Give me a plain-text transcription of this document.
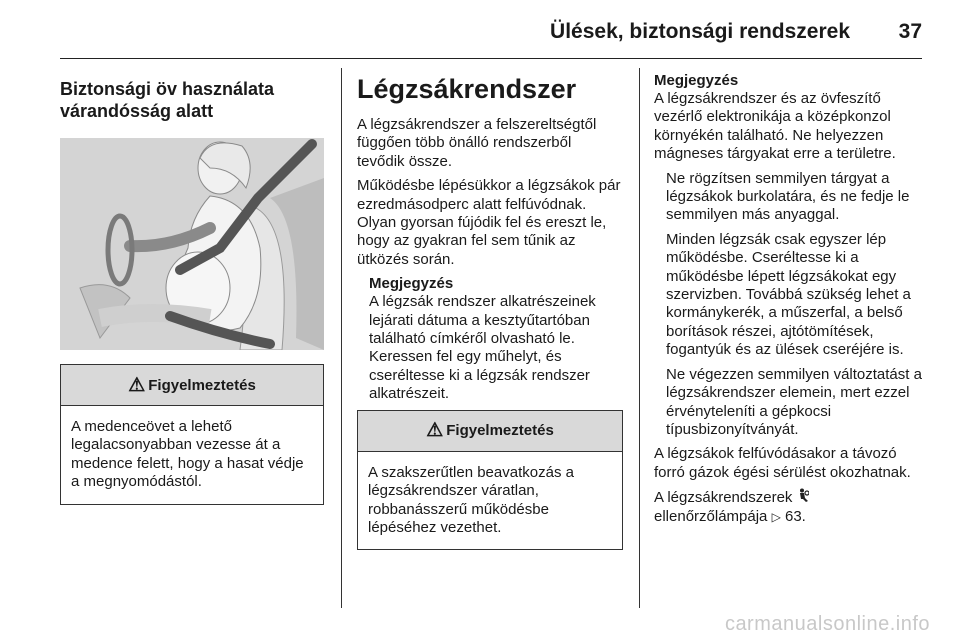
Ülések, biztonsági rendszerek 37
Biztonsági öv használata várandósság alatt
⚠ Figyelmeztetés
A medenceövet a lehető legalacsonyabban vezesse át a medence felett, hogy a hasat védje a megnyomódástól.
Légzsákrendszer

A légzsákrendszer a felszereltségtől függően több önálló rendszerből tevődik össze.

Működésbe lépésükkor a légzsákok pár ezredmásodperc alatt felfúvódnak. Olyan gyorsan fújódik fel és ereszt le, hogy az gyakran fel sem tűnik az ütközés során.

Megjegyzés

A légzsák rendszer alkatrészeinek lejárati dátuma a kesztyűtartóban található címkéről olvasható le. Keressen fel egy műhelyt, és cseréltesse ki a légzsák rendszer alkatrészeit.

⚠ Figyelmeztetés
A szakszerűtlen beavatkozás a légzsákrendszer váratlan, robbanásszerű működésbe lépéséhez vezethet.
Megjegyzés

A légzsákrendszer és az övfeszítő vezérlő elektronikája a középkonzol környékén található. Ne helyezzen mágneses tárgyakat erre a területre.

Ne rögzítsen semmilyen tárgyat a légzsákok burkolatára, és ne fedje le semmilyen más anyaggal.

Minden légzsák csak egyszer lép működésbe. Cseréltesse ki a működésbe lépett légzsákokat egy szervizben. Továbbá szükség lehet a kormánykerék, a műszerfal, a belső borítások részei, ajtótömítések, fogantyúk és az ülések cseréjére is.

Ne végezzen semmilyen változtatást a légzsákrendszer elemein, mert ezzel érvényteleníti a gépkocsi típusbizonyítványát.

A légzsákok felfúvódásakor a távozó forró gázok égési sérülést okozhatnak.

A légzsákrendszerek
ellenőrzőlámpája ▷ 63.

carmanualsonline.info
